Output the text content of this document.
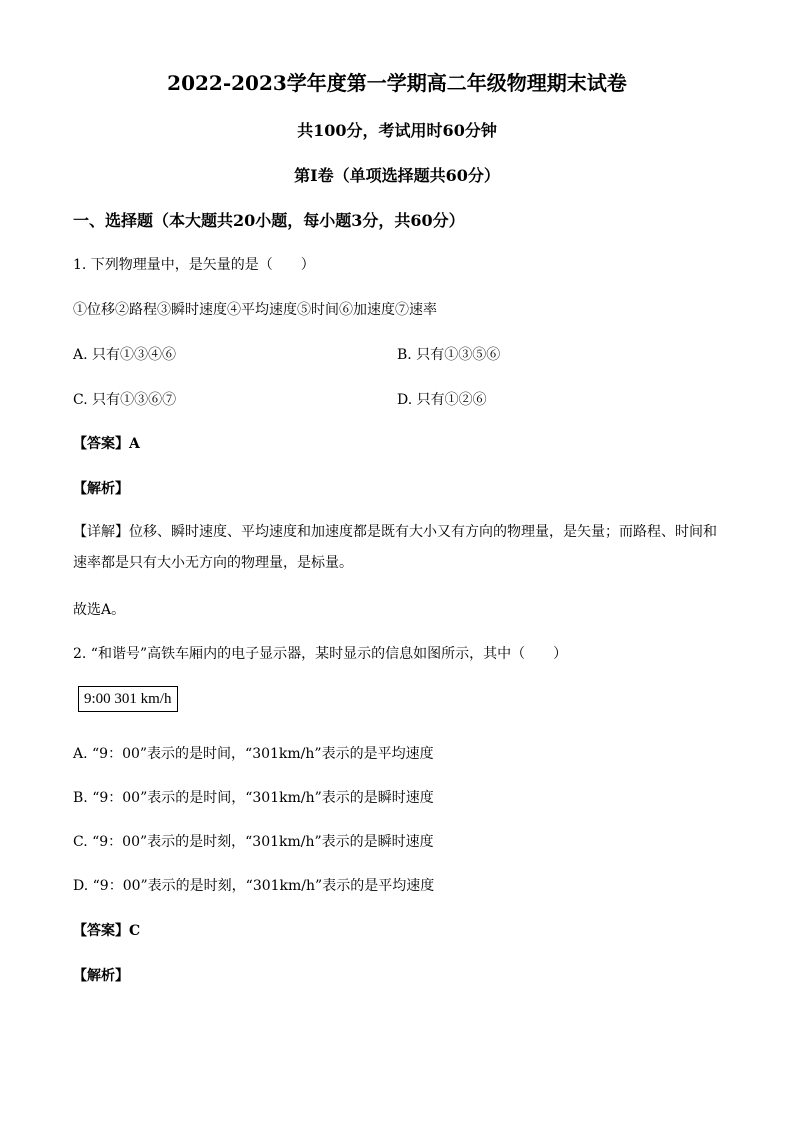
2022-2023学年度第一学期高二年级物理期末试卷
共100分，考试用时60分钟
第Ⅰ卷（单项选择题共60分）
一、选择题（本大题共20小题，每小题3分，共60分）
1. 下列物理量中，是矢量的是（　　）
①位移②路程③瞬时速度④平均速度⑤时间⑥加速度⑦速率
A. 只有①③④⑥	B. 只有①③⑤⑥
C. 只有①③⑥⑦	D. 只有①②⑥
【答案】A
【解析】
【详解】位移、瞬时速度、平均速度和加速度都是既有大小又有方向的物理量，是矢量；而路程、时间和速率都是只有大小无方向的物理量，是标量。
故选A。
2. “和谐号”高铁车厢内的电子显示器，某时显示的信息如图所示，其中（　　）
9:00 301 km/h
A. “9：00”表示的是时间，“301km/h”表示的是平均速度
B. “9：00”表示的是时间，“301km/h”表示的是瞬时速度
C. “9：00”表示的是时刻，“301km/h”表示的是瞬时速度
D. “9：00”表示的是时刻，“301km/h”表示的是平均速度
【答案】C
【解析】
